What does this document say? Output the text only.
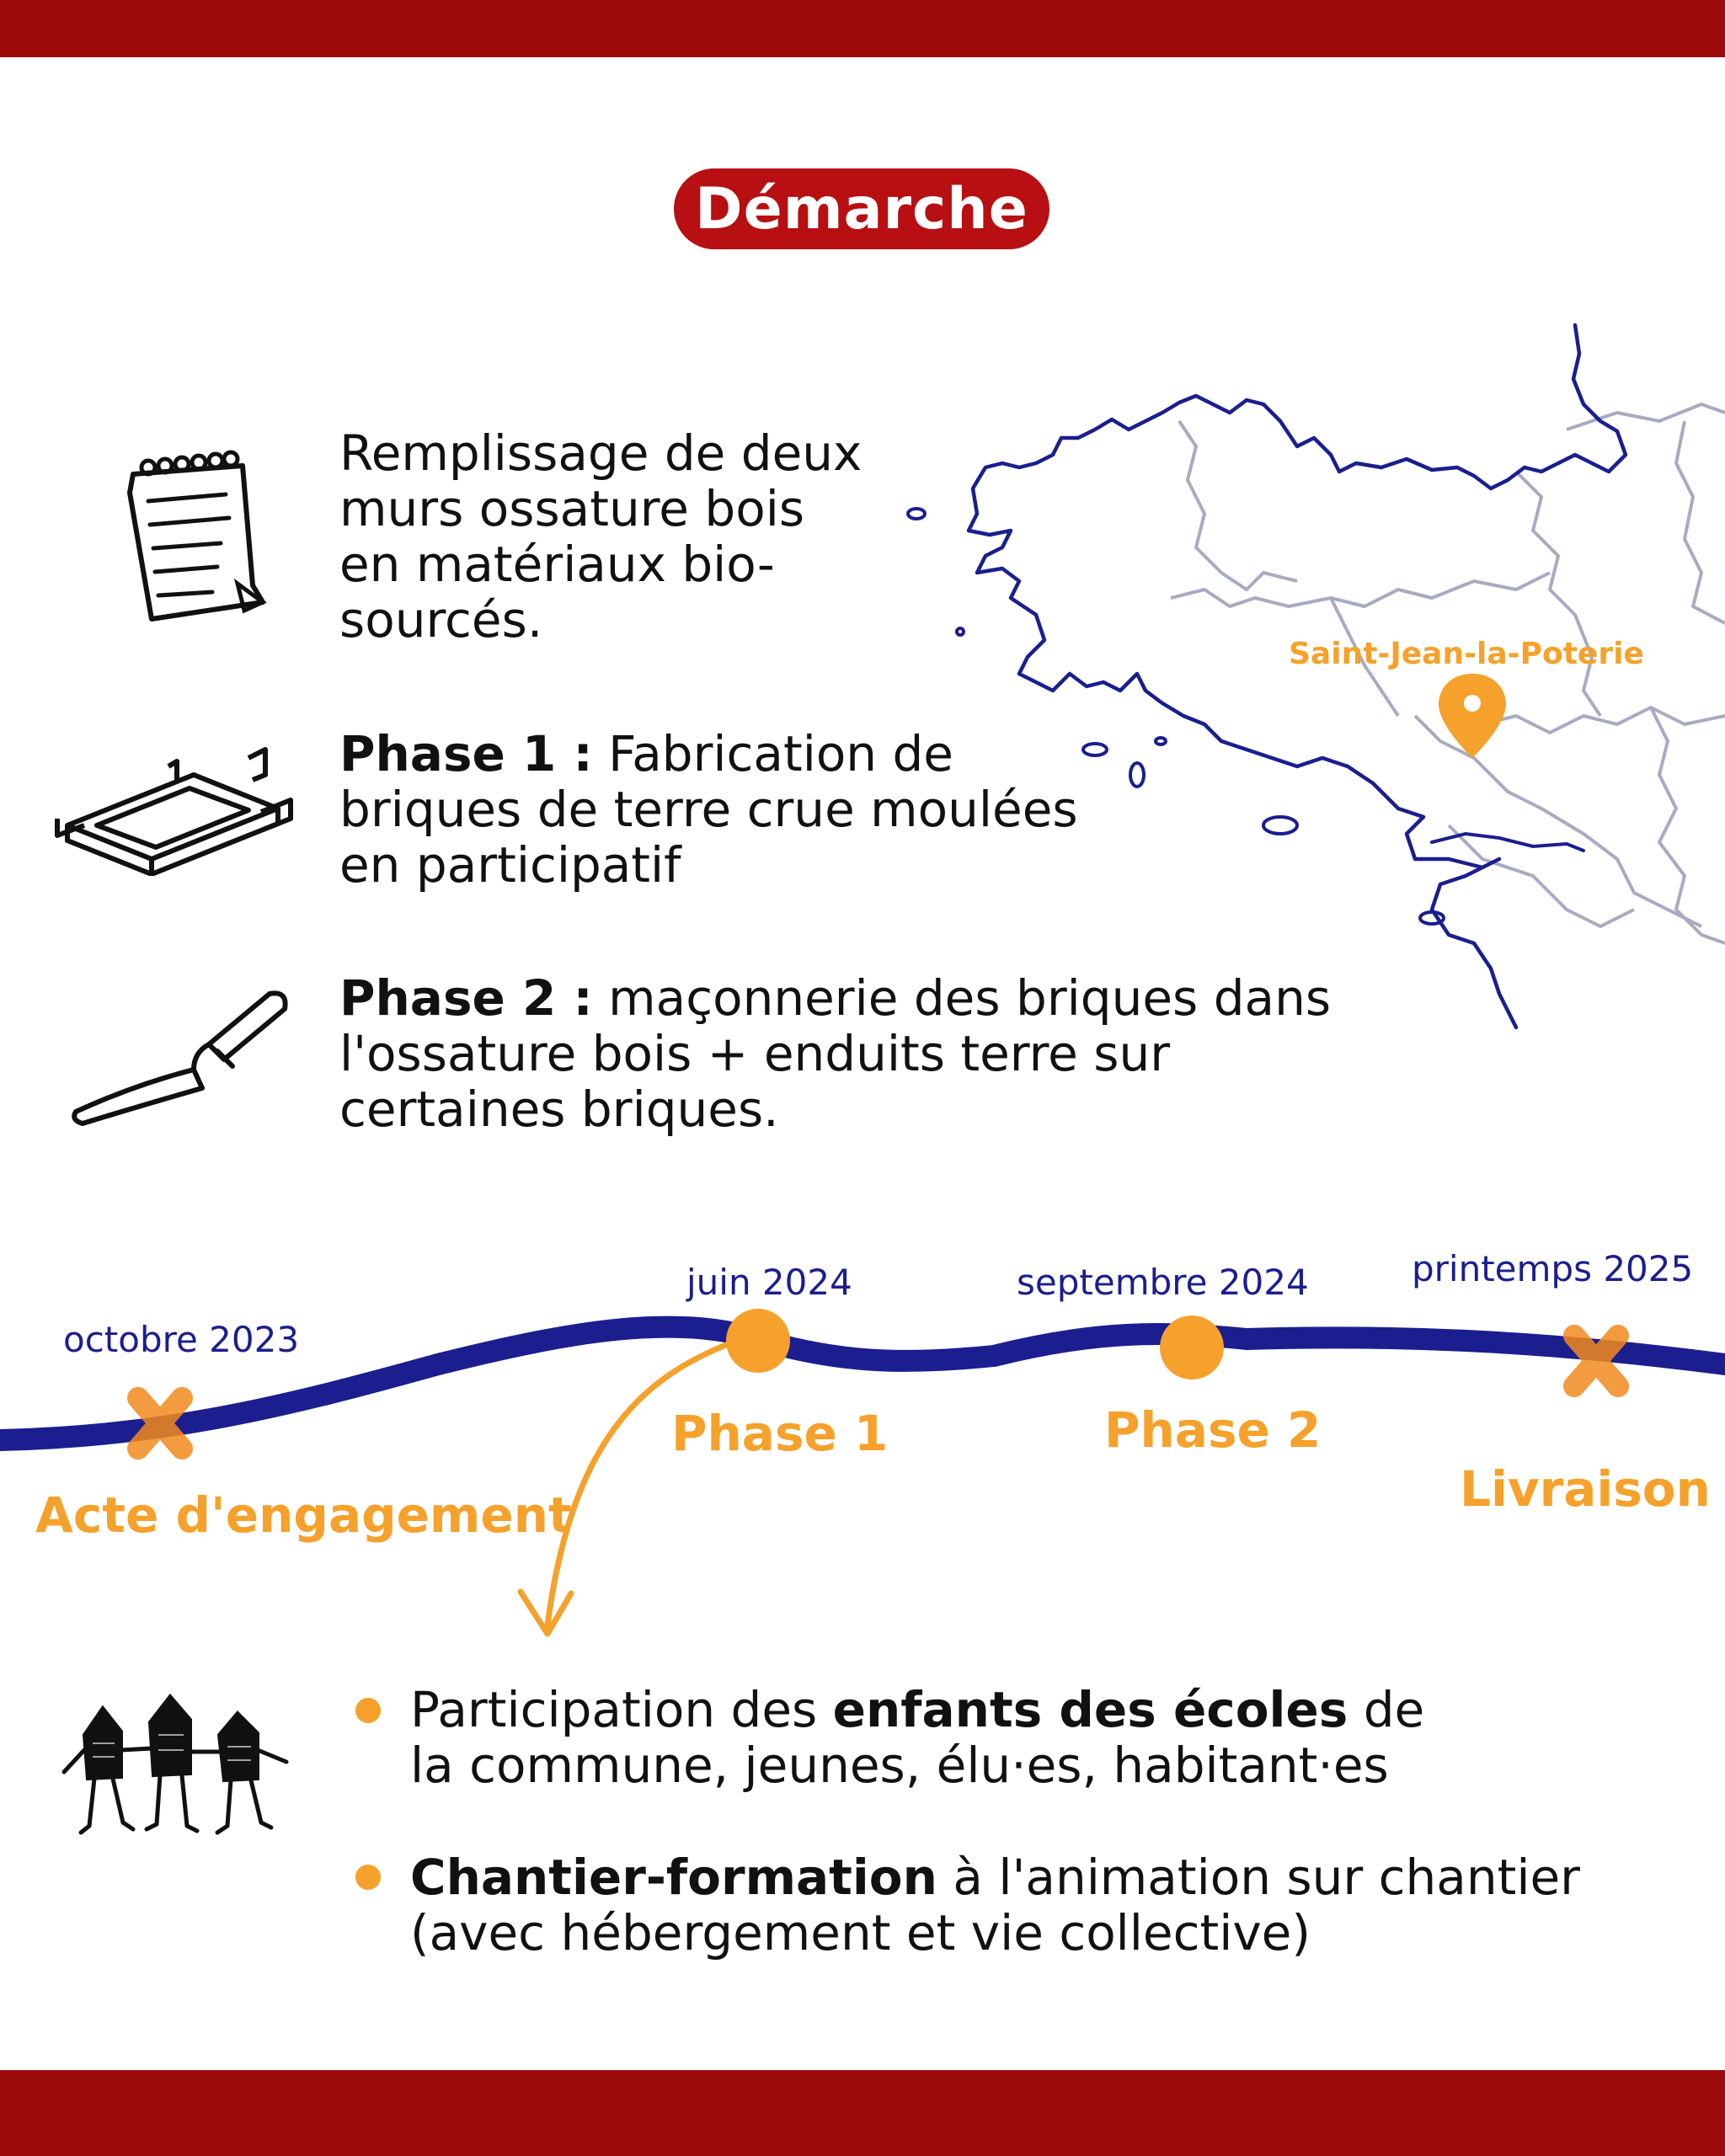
Démarche
Remplissage de deux
murs ossature bois
en matériaux bio-
sourcés.
Phase 1 : Fabrication de
briques de terre crue moulées
en participatif
Phase 2 : maçonnerie des briques dans
l'ossature bois + enduits terre sur
certaines briques.
Saint-Jean-la-Poterie
octobre 2023
juin 2024	septembre 2024	printemps 2025
Acte d'engagement
Phase 1	Phase 2
Livraison
Participation des enfants des écoles de
la commune, jeunes, élu·es, habitant·es
Chantier-formation à l'animation sur chantier
(avec hébergement et vie collective)
